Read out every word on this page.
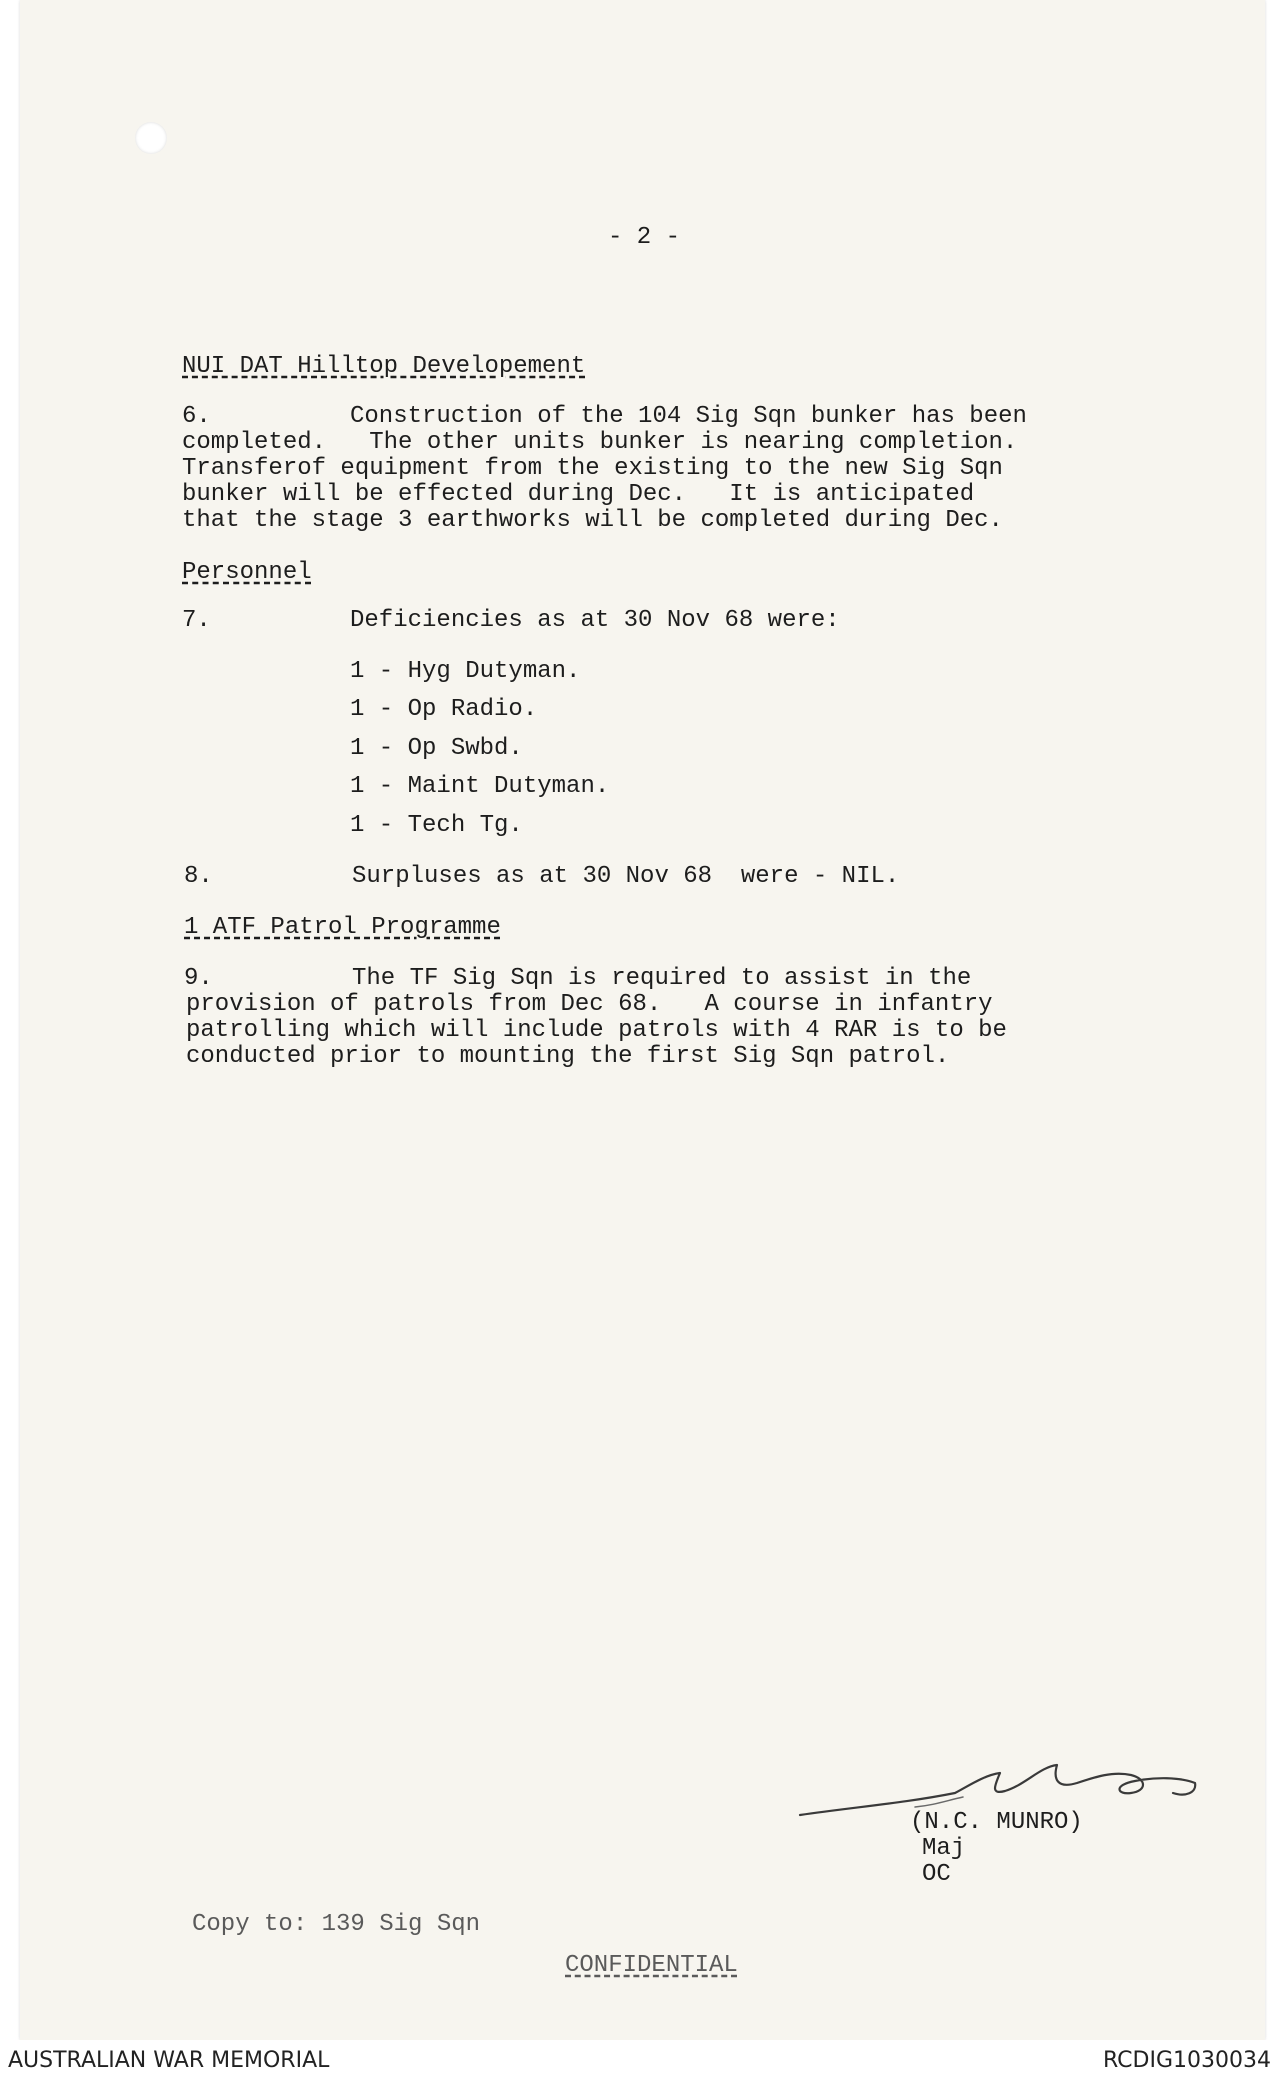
- 2 -
NUI DAT Hilltop Developement
6.	Construction of the 104 Sig Sqn bunker has been
completed.   The other units bunker is nearing completion.
Transferof equipment from the existing to the new Sig Sqn
bunker will be effected during Dec.   It is anticipated
that the stage 3 earthworks will be completed during Dec.
Personnel
7.	Deficiencies as at 30 Nov 68 were:
1 - Hyg Dutyman.
1 - Op Radio.
1 - Op Swbd.
1 - Maint Dutyman.
1 - Tech Tg.
8.	Surpluses as at 30 Nov 68  were - NIL.
1 ATF Patrol Programme
9.	The TF Sig Sqn is required to assist in the
provision of patrols from Dec 68.   A course in infantry
patrolling which will include patrols with 4 RAR is to be
conducted prior to mounting the first Sig Sqn patrol.
(N.C. MUNRO)
Maj
OC
Copy to: 139 Sig Sqn
CONFIDENTIAL
AUSTRALIAN WAR MEMORIAL	RCDIG1030034
